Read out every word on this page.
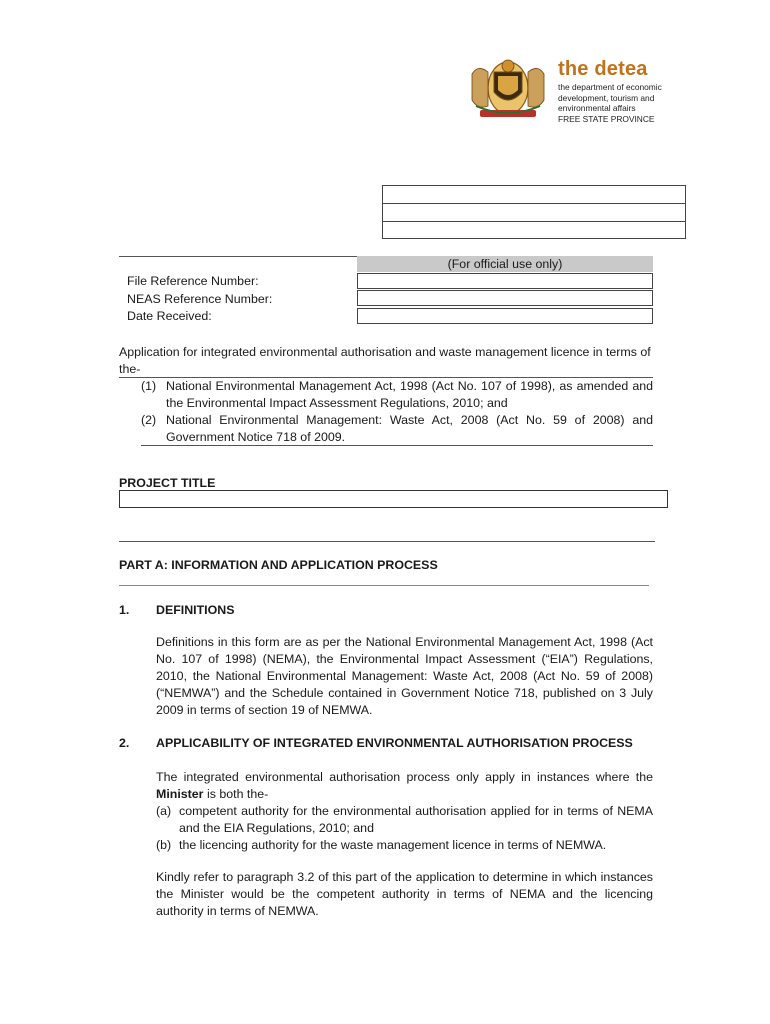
the detea
the department of economic
development, tourism and
environmental affairs
FREE STATE PROVINCE
(For official use only)
File Reference Number:
NEAS Reference Number:
Date Received:
Application for integrated environmental authorisation and waste management licence in terms of the-
(1) National Environmental Management Act, 1998 (Act No. 107 of 1998), as amended and the Environmental Impact Assessment Regulations, 2010; and
(2) National Environmental Management: Waste Act, 2008 (Act No. 59 of 2008) and Government Notice 718 of 2009.
PROJECT TITLE
PART A: INFORMATION AND APPLICATION PROCESS
1. DEFINITIONS
Definitions in this form are as per the National Environmental Management Act, 1998 (Act No. 107 of 1998) (NEMA), the Environmental Impact Assessment (“EIA”) Regulations, 2010, the National Environmental Management: Waste Act, 2008 (Act No. 59 of 2008) (“NEMWA”) and the Schedule contained in Government Notice 718, published on 3 July 2009 in terms of section 19 of NEMWA.
2. APPLICABILITY OF INTEGRATED ENVIRONMENTAL AUTHORISATION PROCESS
The integrated environmental authorisation process only apply in instances where the Minister is both the-
(a) competent authority for the environmental authorisation applied for in terms of NEMA and the EIA Regulations, 2010; and
(b) the licencing authority for the waste management licence in terms of NEMWA.
Kindly refer to paragraph 3.2 of this part of the application to determine in which instances the Minister would be the competent authority in terms of NEMA and the licencing authority in terms of NEMWA.
